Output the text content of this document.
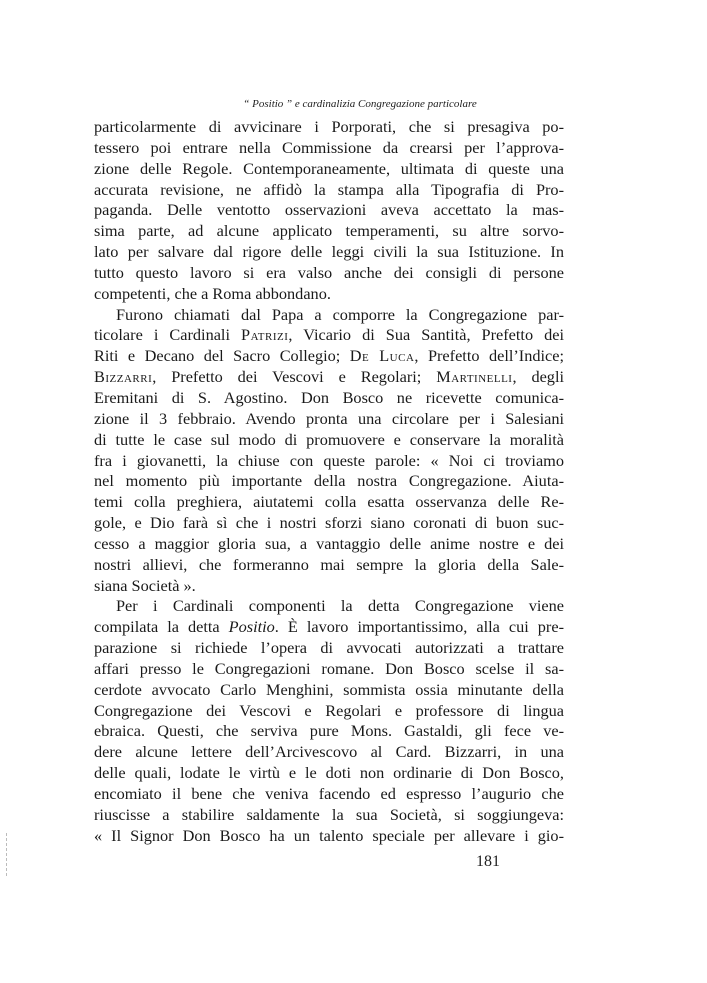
“ Positio ” e cardinalizia Congregazione particolare
particolarmente di avvicinare i Porporati, che si presagiva po-
tessero poi entrare nella Commissione da crearsi per l’approva-
zione delle Regole. Contemporaneamente, ultimata di queste una
accurata revisione, ne affidò la stampa alla Tipografia di Pro-
paganda. Delle ventotto osservazioni aveva accettato la mas-
sima parte, ad alcune applicato temperamenti, su altre sorvo-
lato per salvare dal rigore delle leggi civili la sua Istituzione. In
tutto questo lavoro si era valso anche dei consigli di persone
competenti, che a Roma abbondano.
Furono chiamati dal Papa a comporre la Congregazione par-
ticolare i Cardinali Patrizi, Vicario di Sua Santità, Prefetto dei
Riti e Decano del Sacro Collegio; De Luca, Prefetto dell’Indice;
Bizzarri, Prefetto dei Vescovi e Regolari; Martinelli, degli
Eremitani di S. Agostino. Don Bosco ne ricevette comunica-
zione il 3 febbraio. Avendo pronta una circolare per i Salesiani
di tutte le case sul modo di promuovere e conservare la moralità
fra i giovanetti, la chiuse con queste parole: « Noi ci troviamo
nel momento più importante della nostra Congregazione. Aiuta-
temi colla preghiera, aiutatemi colla esatta osservanza delle Re-
gole, e Dio farà sì che i nostri sforzi siano coronati di buon suc-
cesso a maggior gloria sua, a vantaggio delle anime nostre e dei
nostri allievi, che formeranno mai sempre la gloria della Sale-
siana Società ».
Per i Cardinali componenti la detta Congregazione viene
compilata la detta Positio. È lavoro importantissimo, alla cui pre-
parazione si richiede l’opera di avvocati autorizzati a trattare
affari presso le Congregazioni romane. Don Bosco scelse il sa-
cerdote avvocato Carlo Menghini, sommista ossia minutante della
Congregazione dei Vescovi e Regolari e professore di lingua
ebraica. Questi, che serviva pure Mons. Gastaldi, gli fece ve-
dere alcune lettere dell’Arcivescovo al Card. Bizzarri, in una
delle quali, lodate le virtù e le doti non ordinarie di Don Bosco,
encomiato il bene che veniva facendo ed espresso l’augurio che
riuscisse a stabilire saldamente la sua Società, si soggiungeva:
« Il Signor Don Bosco ha un talento speciale per allevare i gio-
181
